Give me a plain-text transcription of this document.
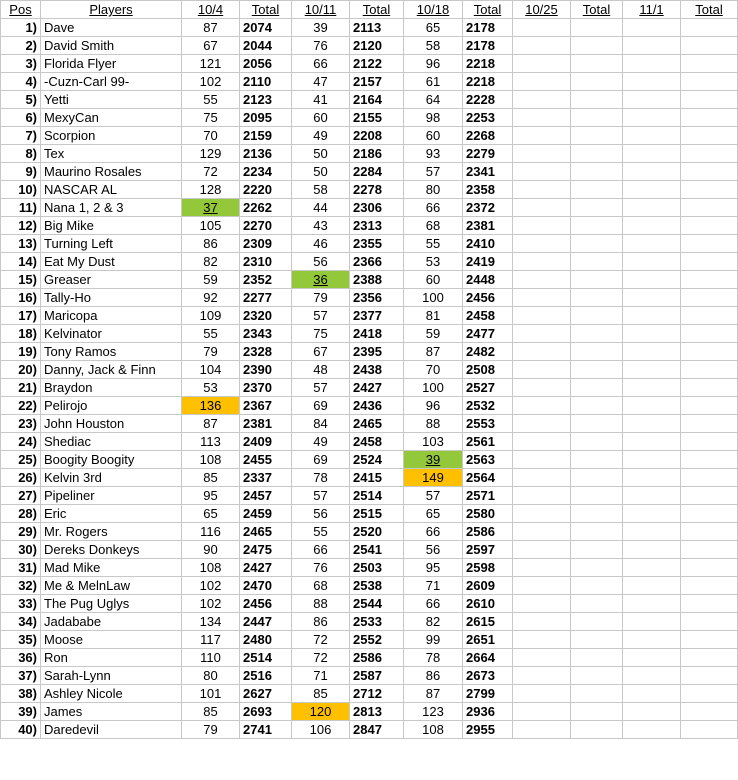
Pos	Players	10/4	Total	10/11	Total	10/18	Total	10/25	Total	11/1	Total
1)	Dave	87	2074	39	2113	65	2178				
2)	David Smith	67	2044	76	2120	58	2178				
3)	Florida Flyer	121	2056	66	2122	96	2218				
4)	-Cuzn-Carl 99-	102	2110	47	2157	61	2218				
5)	Yetti	55	2123	41	2164	64	2228				
6)	MexyCan	75	2095	60	2155	98	2253				
7)	Scorpion	70	2159	49	2208	60	2268				
8)	Tex	129	2136	50	2186	93	2279				
9)	Maurino Rosales	72	2234	50	2284	57	2341				
10)	NASCAR AL	128	2220	58	2278	80	2358				
11)	Nana 1, 2 & 3	37	2262	44	2306	66	2372				
12)	Big Mike	105	2270	43	2313	68	2381				
13)	Turning Left	86	2309	46	2355	55	2410				
14)	Eat My Dust	82	2310	56	2366	53	2419				
15)	Greaser	59	2352	36	2388	60	2448				
16)	Tally-Ho	92	2277	79	2356	100	2456				
17)	Maricopa	109	2320	57	2377	81	2458				
18)	Kelvinator	55	2343	75	2418	59	2477				
19)	Tony Ramos	79	2328	67	2395	87	2482				
20)	Danny, Jack & Finn	104	2390	48	2438	70	2508				
21)	Braydon	53	2370	57	2427	100	2527				
22)	Pelirojo	136	2367	69	2436	96	2532				
23)	John Houston	87	2381	84	2465	88	2553				
24)	Shediac	113	2409	49	2458	103	2561				
25)	Boogity Boogity	108	2455	69	2524	39	2563				
26)	Kelvin 3rd	85	2337	78	2415	149	2564				
27)	Pipeliner	95	2457	57	2514	57	2571				
28)	Eric	65	2459	56	2515	65	2580				
29)	Mr. Rogers	116	2465	55	2520	66	2586				
30)	Dereks Donkeys	90	2475	66	2541	56	2597				
31)	Mad Mike	108	2427	76	2503	95	2598				
32)	Me & MelnLaw	102	2470	68	2538	71	2609				
33)	The Pug Uglys	102	2456	88	2544	66	2610				
34)	Jadababe	134	2447	86	2533	82	2615				
35)	Moose	117	2480	72	2552	99	2651				
36)	Ron	110	2514	72	2586	78	2664				
37)	Sarah-Lynn	80	2516	71	2587	86	2673				
38)	Ashley Nicole	101	2627	85	2712	87	2799				
39)	James	85	2693	120	2813	123	2936				
40)	Daredevil	79	2741	106	2847	108	2955				
